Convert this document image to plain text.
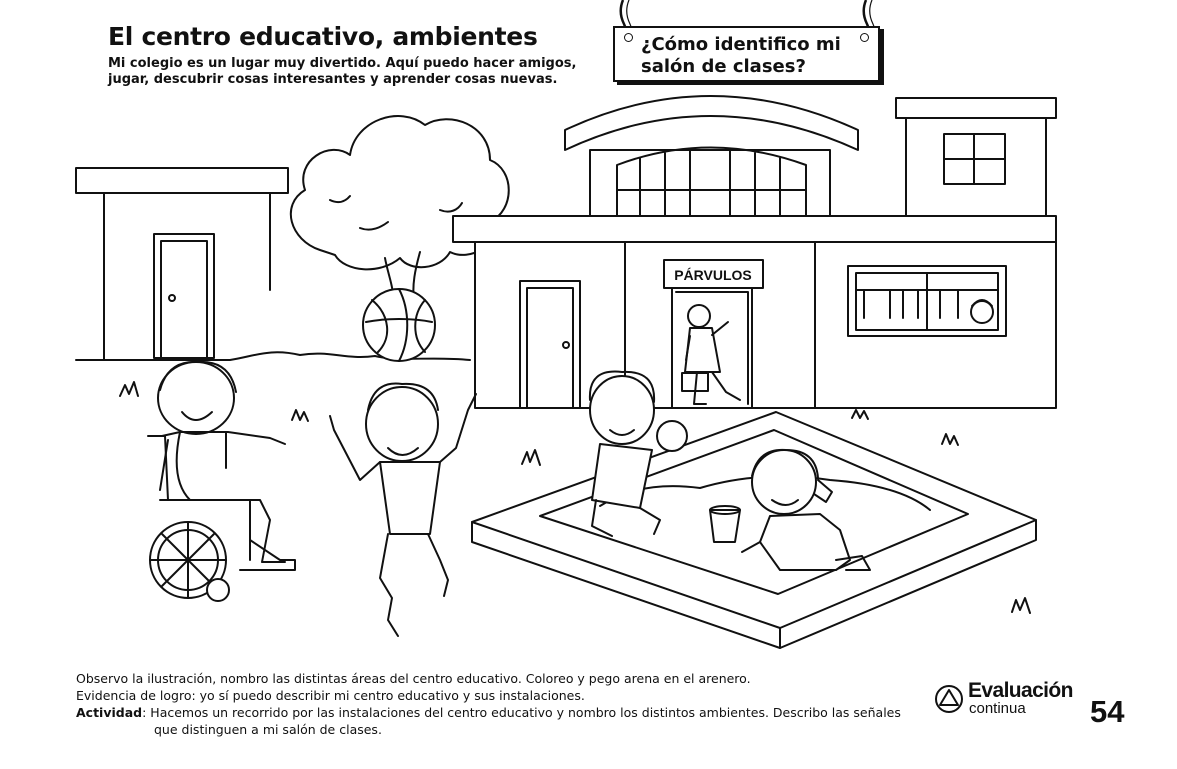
El centro educativo, ambientes

Mi colegio es un lugar muy divertido. Aquí puedo hacer amigos, jugar, descubrir cosas interesantes y aprender cosas nuevas.

¿Cómo identifico mi
salón de clases?

PÁRVULOS

Observo la ilustración, nombro las distintas áreas del centro educativo. Coloreo y pego arena en el arenero.

Evidencia de logro: yo sí puedo describir mi centro educativo y sus instalaciones.

Actividad: Hacemos un recorrido por las instalaciones del centro educativo y nombro los distintos ambientes. Describo las señales

que distinguen a mi salón de clases.

Evaluación
continua 54
